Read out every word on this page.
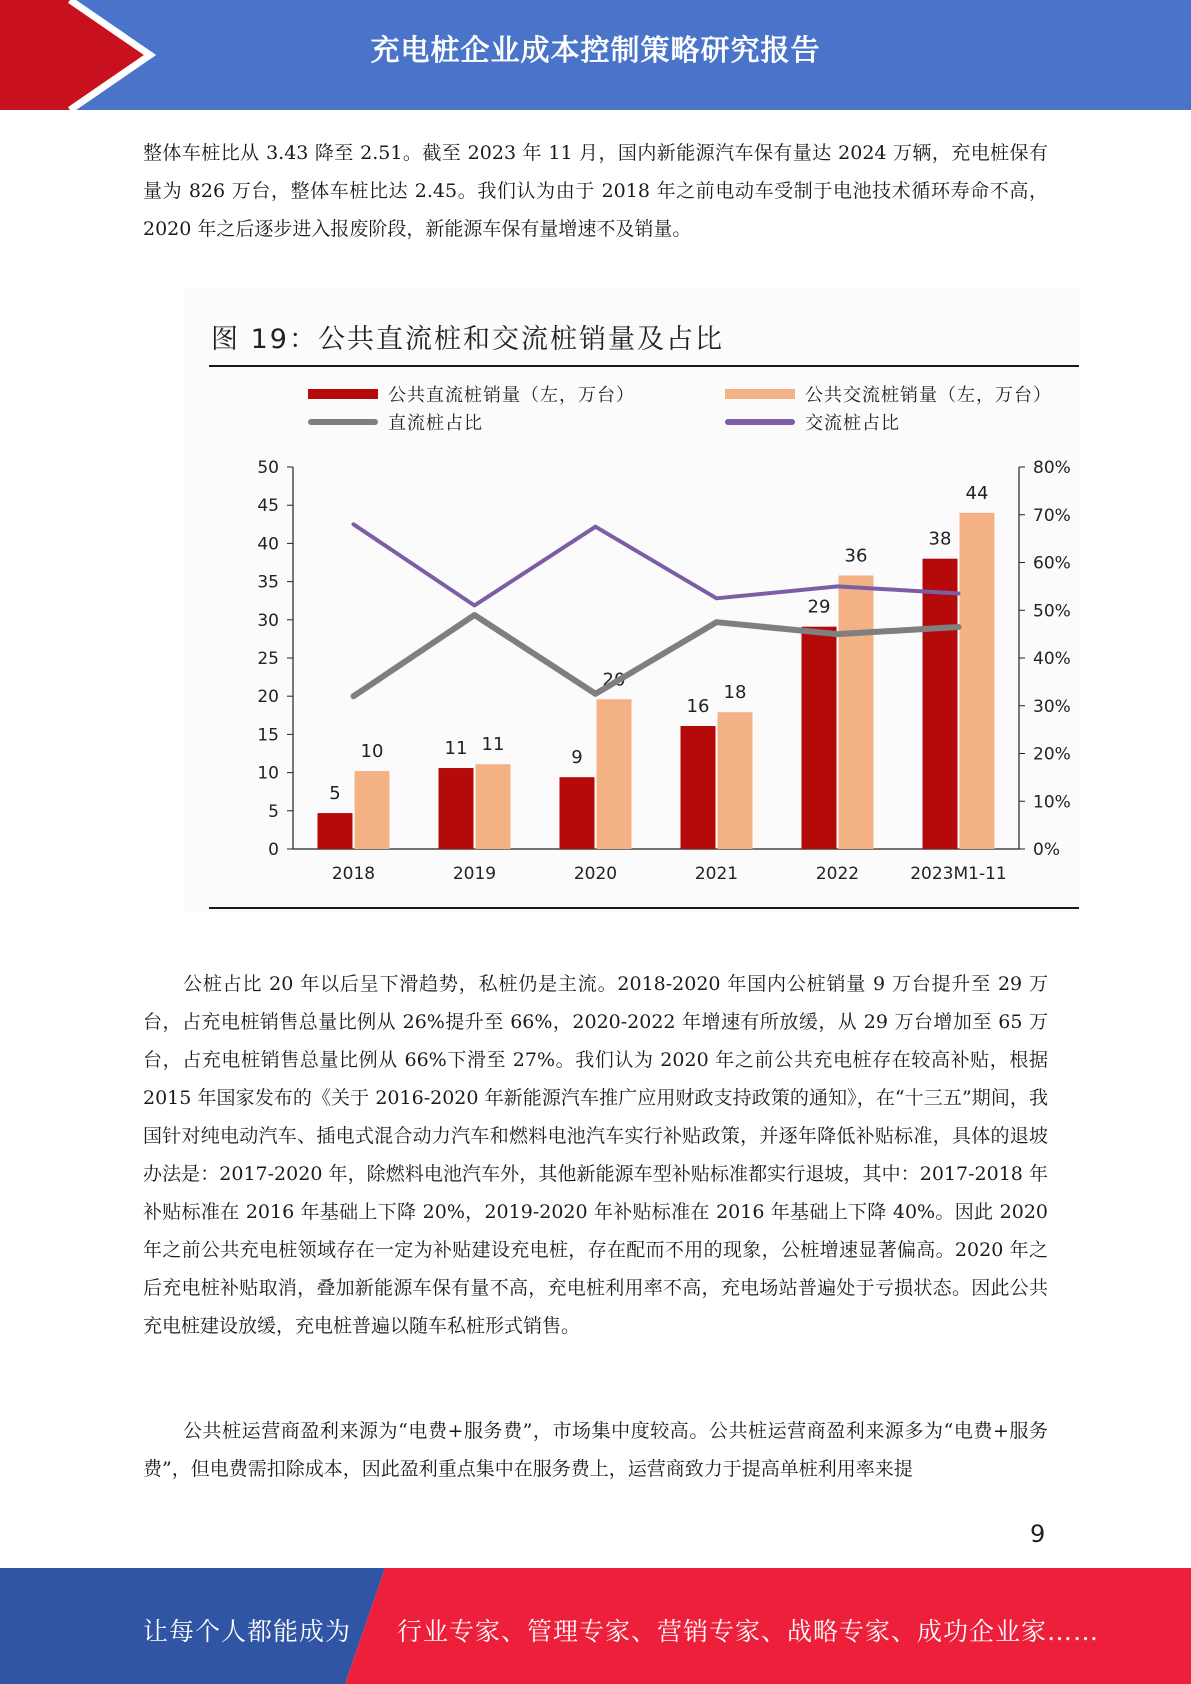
充电桩企业成本控制策略研究报告

整体车桩比从 3.43 降至 2.51。截至 2023 年 11 月，国内新能源汽车保有量达 2024 万辆，充电桩保有量为 826 万台，整体车桩比达 2.45。我们认为由于 2018 年之前电动车受制于电池技术循环寿命不高，2020 年之后逐步进入报废阶段，新能源车保有量增速不及销量。

图 19：公共直流桩和交流桩销量及占比
公共直流桩销量（左，万台）	公共交流桩销量（左，万台）
直流桩占比	交流桩占比
0
5
10
15
20
25
30
35
40
45
50
0%
10%
20%
30%
40%
50%
60%
70%
80%
5
11	9
16
29
38
10	11
20
18
36
44
2018	2019	2020	2021	2022	2023M1-11

公桩占比 20 年以后呈下滑趋势，私桩仍是主流。2018-2020 年国内公桩销量 9 万台提升至 29 万台，占充电桩销售总量比例从 26%提升至 66%，2020-2022 年增速有所放缓，从 29 万台增加至 65 万台，占充电桩销售总量比例从 66%下滑至 27%。我们认为 2020 年之前公共充电桩存在较高补贴，根据 2015 年国家发布的《关于 2016-2020 年新能源汽车推广应用财政支持政策的通知》，在“十三五”期间，我国针对纯电动汽车、插电式混合动力汽车和燃料电池汽车实行补贴政策，并逐年降低补贴标准，具体的退坡办法是：2017-2020 年，除燃料电池汽车外，其他新能源车型补贴标准都实行退坡，其中：2017-2018 年补贴标准在 2016 年基础上下降 20%，2019-2020 年补贴标准在 2016 年基础上下降 40%。因此 2020 年之前公共充电桩领域存在一定为补贴建设充电桩，存在配而不用的现象，公桩增速显著偏高。2020 年之后充电桩补贴取消，叠加新能源车保有量不高，充电桩利用率不高，充电场站普遍处于亏损状态。因此公共充电桩建设放缓，充电桩普遍以随车私桩形式销售。

公共桩运营商盈利来源为“电费+服务费”，市场集中度较高。公共桩运营商盈利来源多为“电费+服务费”，但电费需扣除成本，因此盈利重点集中在服务费上，运营商致力于提高单桩利用率来提

9
让每个人都能成为 行业专家、管理专家、营销专家、战略专家、成功企业家……
